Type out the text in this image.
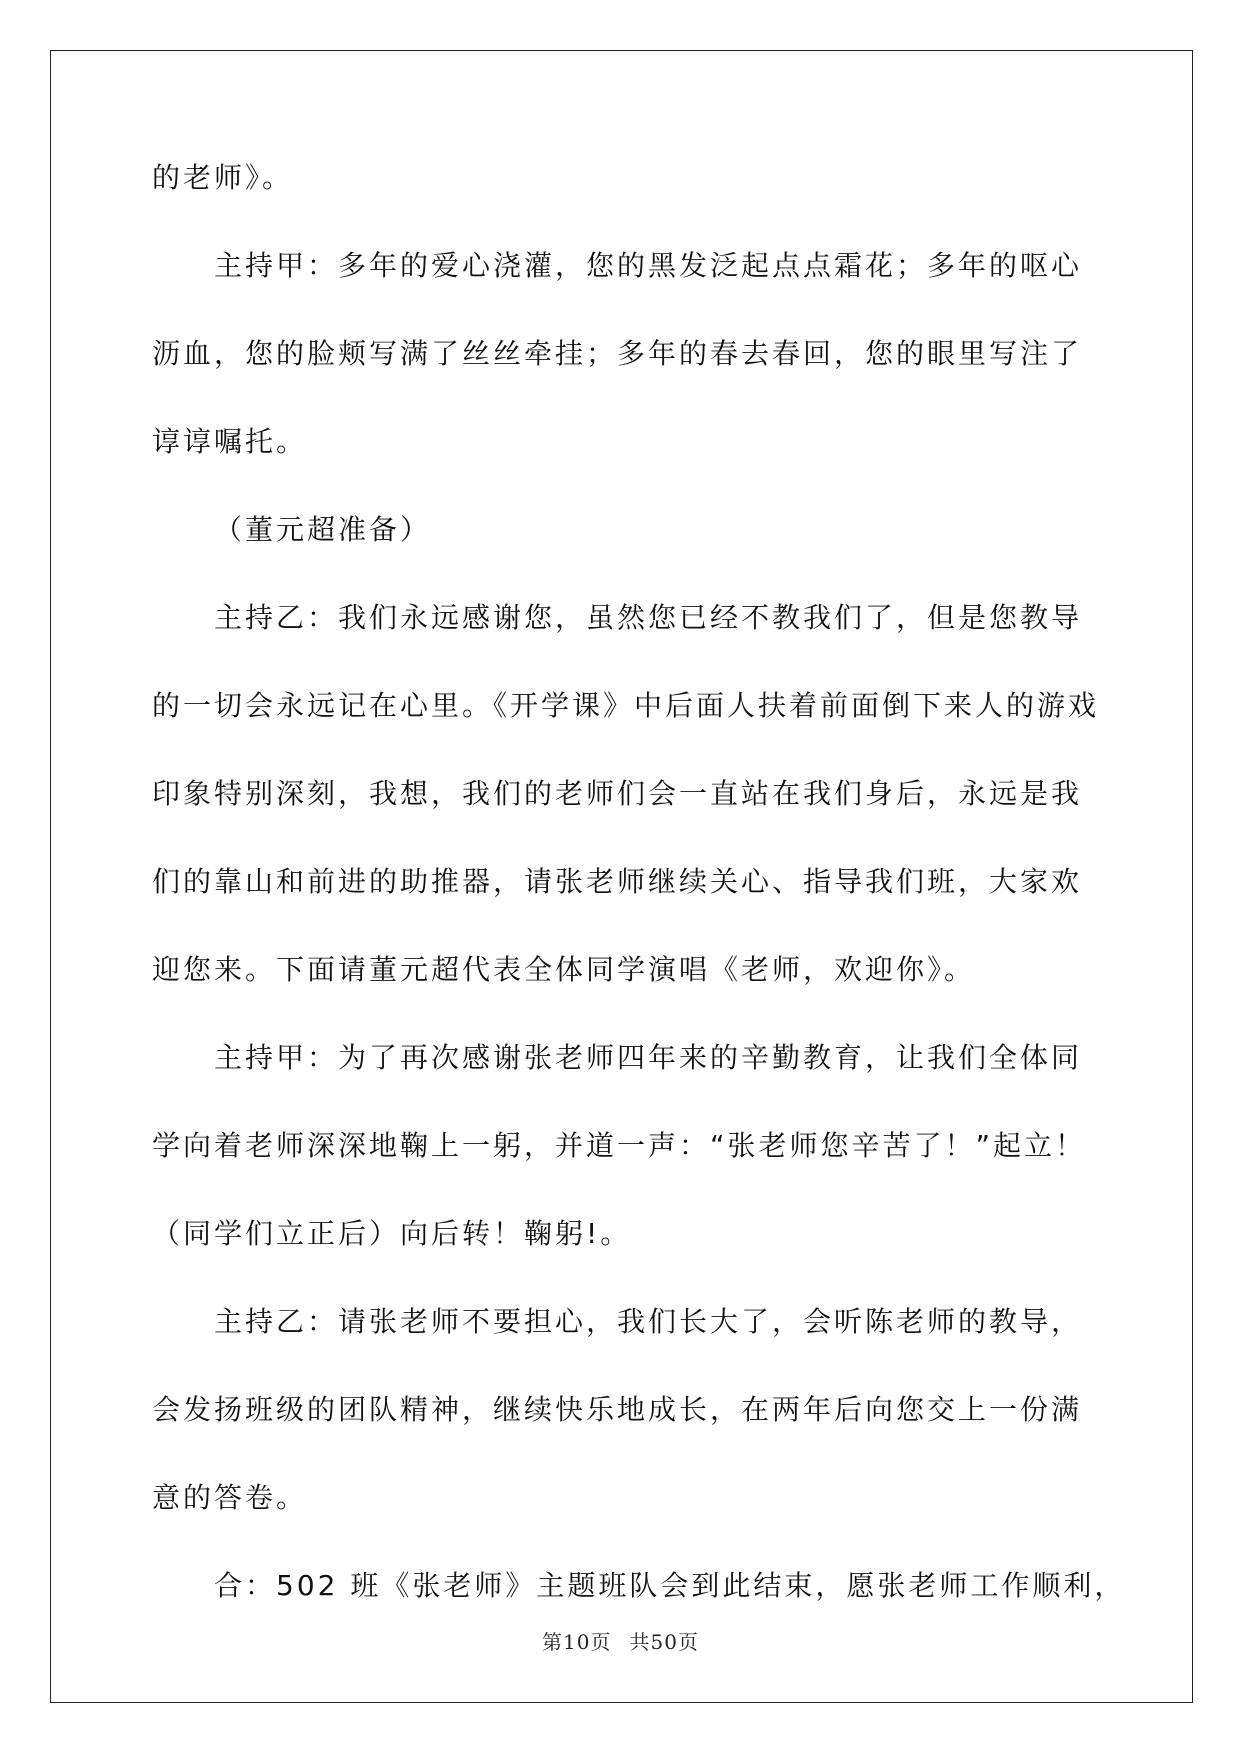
的老师》。

主持甲：多年的爱心浇灌，您的黑发泛起点点霜花；多年的呕心

沥血，您的脸颊写满了丝丝牵挂；多年的春去春回，您的眼里写注了

谆谆嘱托。

（董元超准备）

主持乙：我们永远感谢您，虽然您已经不教我们了，但是您教导

的一切会永远记在心里。《开学课》中后面人扶着前面倒下来人的游戏

印象特别深刻，我想，我们的老师们会一直站在我们身后，永远是我

们的靠山和前进的助推器，请张老师继续关心、指导我们班，大家欢

迎您来。下面请董元超代表全体同学演唱《老师，欢迎你》。

主持甲：为了再次感谢张老师四年来的辛勤教育，让我们全体同

学向着老师深深地鞠上一躬，并道一声：“张老师您辛苦了！”起立！

（同学们立正后）向后转！鞠躬!。

主持乙：请张老师不要担心，我们长大了，会听陈老师的教导，

会发扬班级的团队精神，继续快乐地成长，在两年后向您交上一份满

意的答卷。

合：502 班《张老师》主题班队会到此结束，愿张老师工作顺利，

第10页 共50页
